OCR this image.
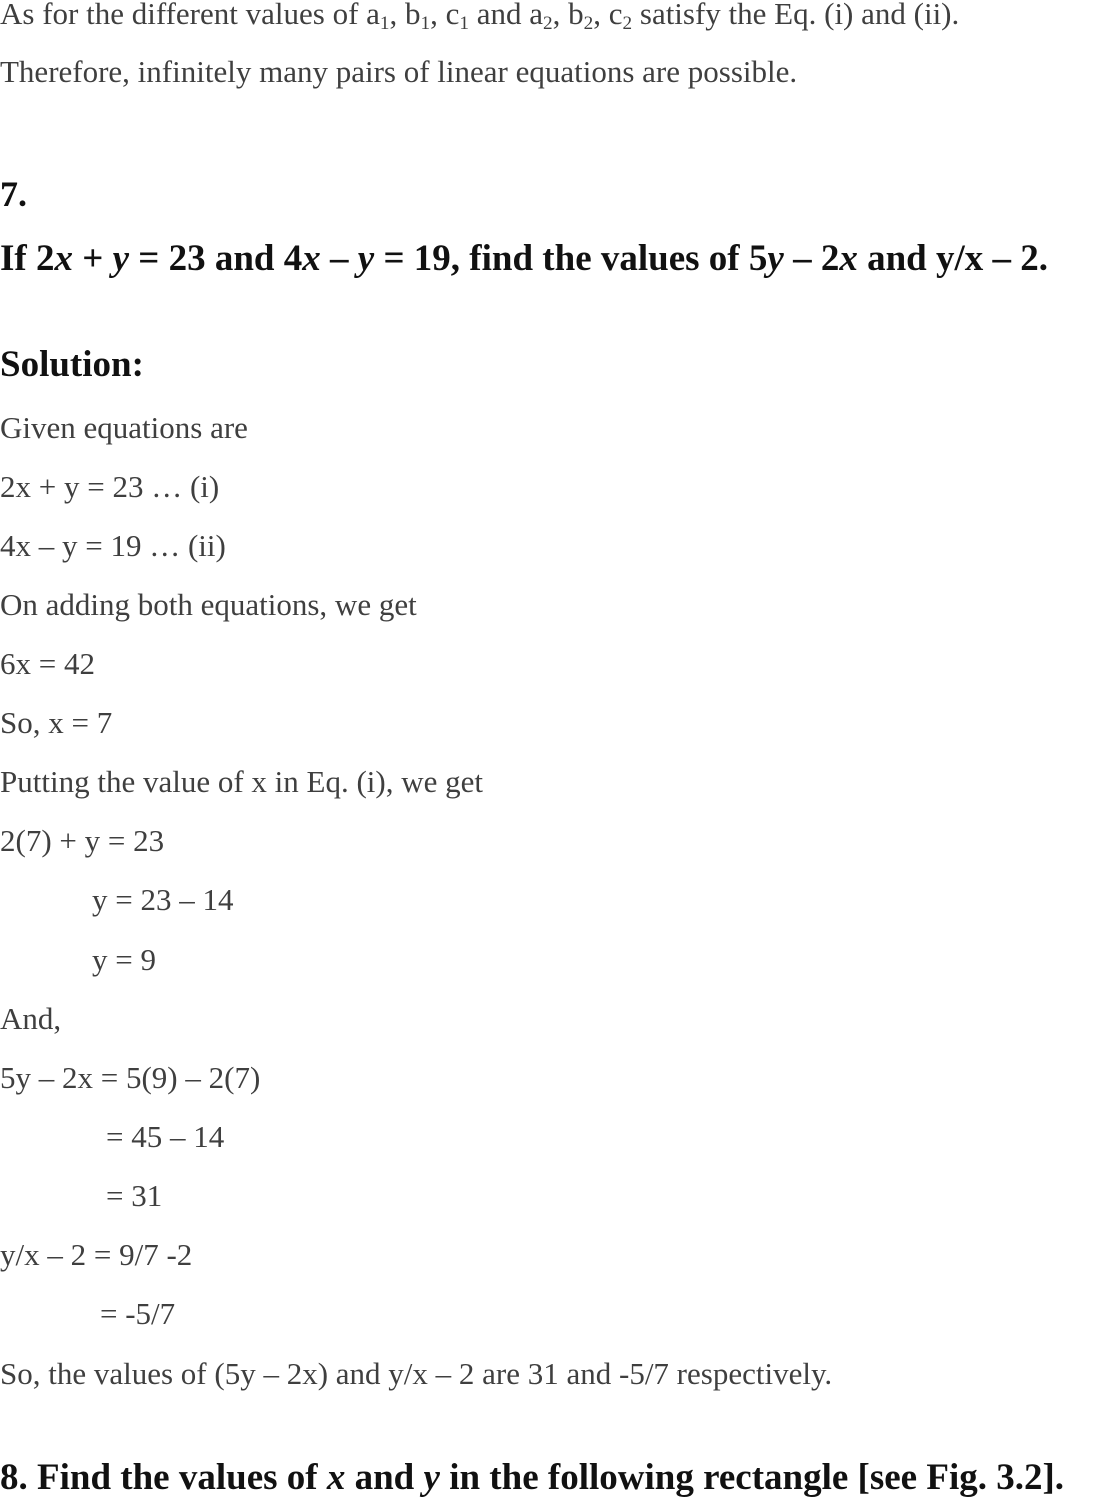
As for the different values of $a_1$, $b_1$, $c_1$ and $a_2$, $b_2$, $c_2$ satisfy the Eq. (i) and (ii).
Therefore, infinitely many pairs of linear equations are possible.
7.
If 2x + y = 23 and 4x – y = 19, find the values of 5y – 2x and y/x – 2.
Solution:
Given equations are
2x + y = 23 … (i)
4x – y = 19 … (ii)
On adding both equations, we get
6x = 42
So, x = 7
Putting the value of x in Eq. (i), we get
2(7) + y = 23
y = 23 – 14
y = 9
And,
5y – 2x = 5(9) – 2(7)
= 45 – 14
= 31
y/x – 2 = 9/7 -2
= -5/7
So, the values of (5y – 2x) and y/x – 2 are 31 and -5/7 respectively.
8. Find the values of x and y in the following rectangle [see Fig. 3.2].
